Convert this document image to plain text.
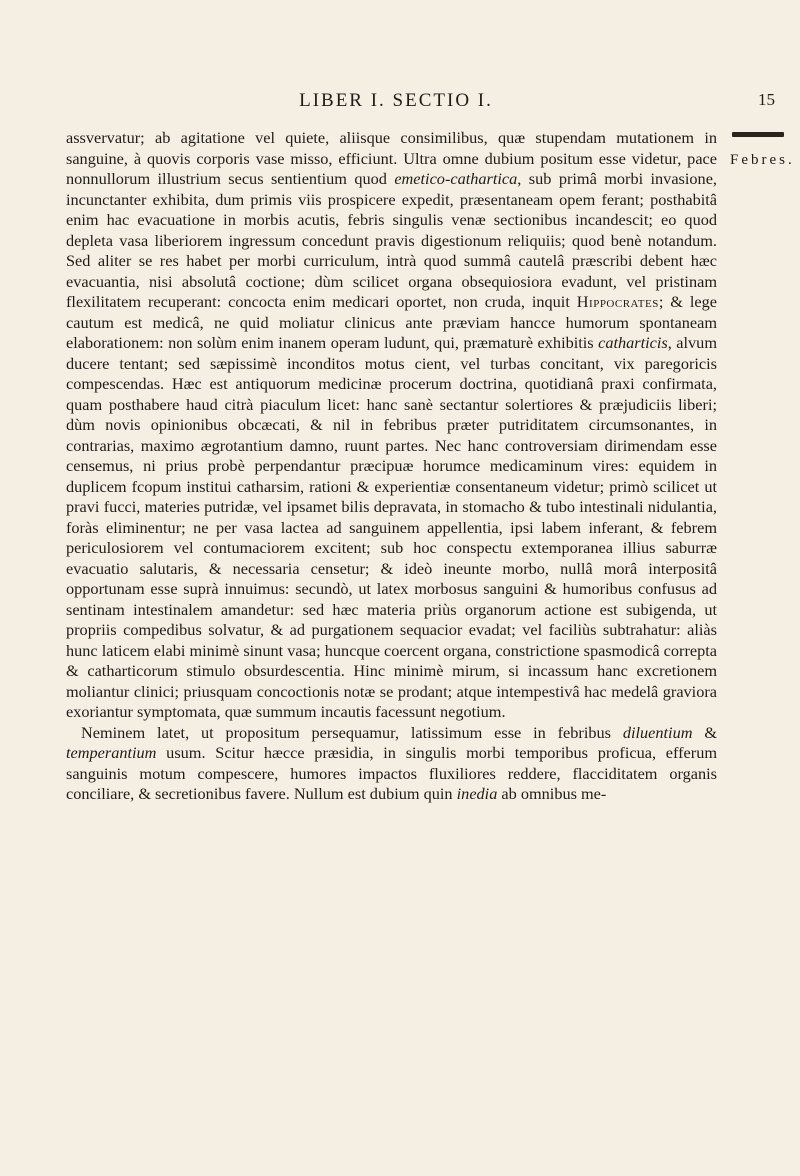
LIBER I. SECTIO I.	15
Febres.

assvervatur; ab agitatione vel quiete, aliisque consimilibus, quæ stupendam mutationem in sanguine, à quovis corporis vase misso, efficiunt. Ultra omne dubium positum esse videtur, pace nonnullorum illustrium secus sentientium quod emetico-cathartica, sub primâ morbi invasione, incunctanter exhibita, dum primis viis prospicere expedit, præsentaneam opem ferant; posthabitâ enim hac evacuatione in morbis acutis, febris singulis venæ sectionibus incandescit; eo quod depleta vasa liberiorem ingressum concedunt pravis digestionum reliquiis; quod benè notandum. Sed aliter se res habet per morbi curriculum, intrà quod summâ cautelâ præscribi debent hæc evacuantia, nisi absolutâ coctione; dùm scilicet organa obsequiosiora evadunt, vel pristinam flexilitatem recuperant: concocta enim medicari oportet, non cruda, inquit Hippocrates; & lege cautum est medicâ, ne quid moliatur clinicus ante præviam hancce humorum spontaneam elaborationem: non solùm enim inanem operam ludunt, qui, præmaturè exhibitis catharticis, alvum ducere tentant; sed sæpissimè inconditos motus cient, vel turbas concitant, vix paregoricis compescendas. Hæc est antiquorum medicinæ procerum doctrina, quotidianâ praxi confirmata, quam posthabere haud citrà piaculum licet: hanc sanè sectantur solertiores & præjudiciis liberi; dùm novis opinionibus obcæcati, & nil in febribus præter putriditatem circumsonantes, in contrarias, maximo ægrotantium damno, ruunt partes. Nec hanc controversiam dirimendam esse censemus, ni prius probè perpendantur præcipuæ horumce medicaminum vires: equidem in duplicem fcopum institui catharsim, rationi & experientiæ consentaneum videtur; primò scilicet ut pravi fucci, materies putridæ, vel ipsamet bilis depravata, in stomacho & tubo intestinali nidulantia, foràs eliminentur; ne per vasa lactea ad sanguinem appellentia, ipsi labem inferant, & febrem periculosiorem vel contumaciorem excitent; sub hoc conspectu extemporanea illius saburræ evacuatio salutaris, & necessaria censetur; & ideò ineunte morbo, nullâ morâ interpositâ opportunam esse suprà innuimus: secundò, ut latex morbosus sanguini & humoribus confusus ad sentinam intestinalem amandetur: sed hæc materia priùs organorum actione est subigenda, ut propriis compedibus solvatur, & ad purgationem sequacior evadat; vel faciliùs subtrahatur: aliàs hunc laticem elabi minimè sinunt vasa; huncque coercent organa, constrictione spasmodicâ correpta & catharticorum stimulo obsurdescentia. Hinc minimè mirum, si incassum hanc excretionem moliantur clinici; priusquam concoctionis notæ se prodant; atque intempestivâ hac medelâ graviora exoriantur symptomata, quæ summum incautis facessunt negotium.

Neminem latet, ut propositum persequamur, latissimum esse in febribus diluentium & temperantium usum. Scitur hæcce præsidia, in singulis morbi temporibus proficua, efferum sanguinis motum compescere, humores impactos fluxiliores reddere, flacciditatem organis conciliare, & secretionibus favere. Nullum est dubium quin inedia ab omnibus me-
